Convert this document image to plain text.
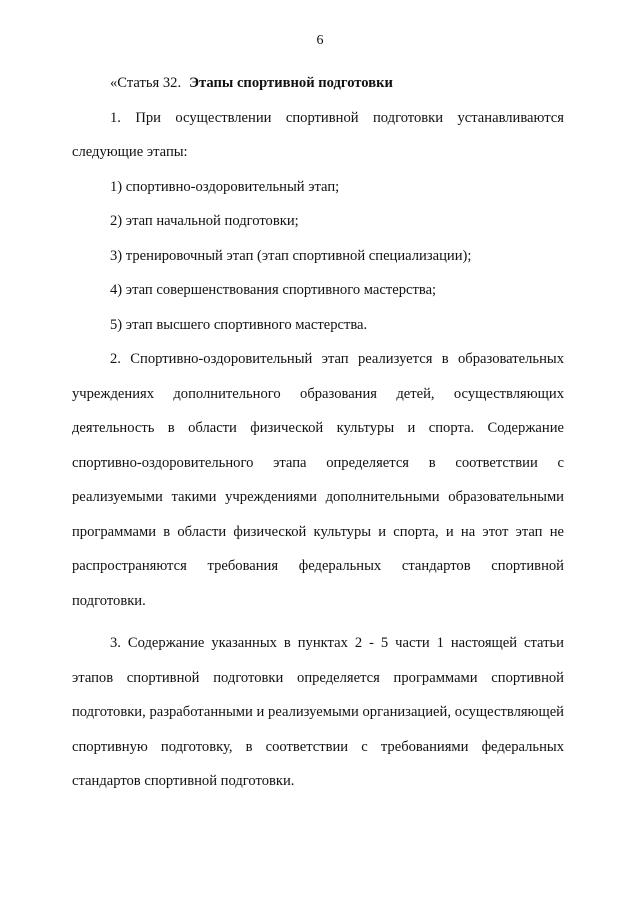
6
«Статья 32. Этапы спортивной подготовки

1. При осуществлении спортивной подготовки устанавливаются следующие этапы:

1) спортивно-оздоровительный этап;

2) этап начальной подготовки;

3) тренировочный этап (этап спортивной специализации);

4) этап совершенствования спортивного мастерства;

5) этап высшего спортивного мастерства.

2. Спортивно-оздоровительный этап реализуется в образовательных учреждениях дополнительного образования детей, осуществляющих деятельность в области физической культуры и спорта. Содержание спортивно-оздоровительного этапа определяется в соответствии с реализуемыми такими учреждениями дополнительными образовательными программами в области физической культуры и спорта, и на этот этап не распространяются требования федеральных стандартов спортивной подготовки.

3. Содержание указанных в пунктах 2 - 5 части 1 настоящей статьи этапов спортивной подготовки определяется программами спортивной подготовки, разработанными и реализуемыми организацией, осуществляющей спортивную подготовку, в соответствии с требованиями федеральных стандартов спортивной подготовки.
